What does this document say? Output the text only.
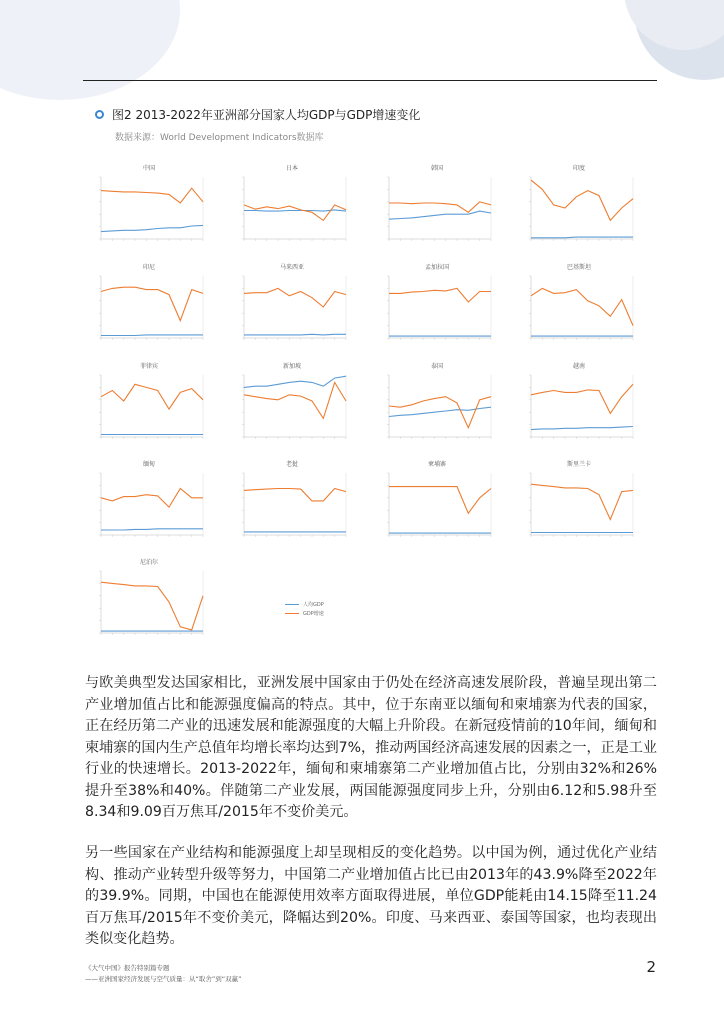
图2 2013-2022年亚洲部分国家人均GDP与GDP增速变化
数据来源：World Development Indicators数据库
中国	日本	韩国	印度
印尼	马来西亚	孟加拉国	巴基斯坦
菲律宾	新加坡	泰国	越南
缅甸	老挝	柬埔寨	斯里兰卡
尼泊尔
人均GDP
GDP增速

与欧美典型发达国家相比，亚洲发展中国家由于仍处在经济高速发展阶段，普遍呈现出第二产业增加值占比和能源强度偏高的特点。其中，位于东南亚以缅甸和柬埔寨为代表的国家，正在经历第二产业的迅速发展和能源强度的大幅上升阶段。在新冠疫情前的10年间，缅甸和柬埔寨的国内生产总值年均增长率均达到7%，推动两国经济高速发展的因素之一，正是工业行业的快速增长。2013-2022年，缅甸和柬埔寨第二产业增加值占比，分别由32%和26%提升至38%和40%。伴随第二产业发展，两国能源强度同步上升，分别由6.12和5.98升至8.34和9.09百万焦耳/2015年不变价美元。

另一些国家在产业结构和能源强度上却呈现相反的变化趋势。以中国为例，通过优化产业结构、推动产业转型升级等努力，中国第二产业增加值占比已由2013年的43.9%降至2022年的39.9%。同期，中国也在能源使用效率方面取得进展，单位GDP能耗由14.15降至11.24百万焦耳/2015年不变价美元，降幅达到20%。印度、马来西亚、泰国等国家，也均表现出类似变化趋势。

《大气中国》报告特别篇专题
——亚洲国家经济发展与空气质量：从“取舍”到“双赢”
2
